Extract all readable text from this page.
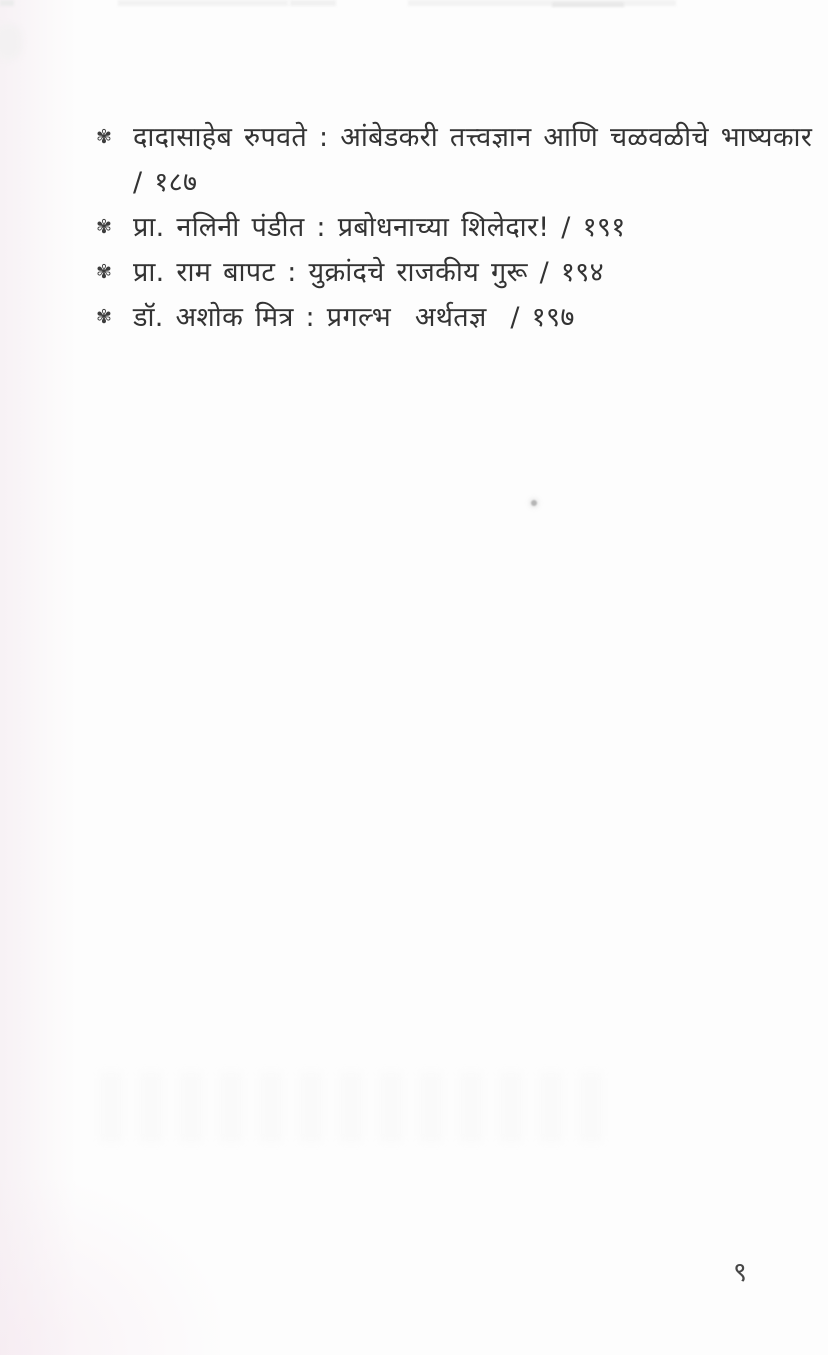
✾ दादासाहेब रुपवते : आंबेडकरी तत्त्वज्ञान आणि चळवळीचे भाष्यकार
/ १८७
✾ प्रा. नलिनी पंडीत : प्रबोधनाच्या शिलेदार! / १९१
✾ प्रा. राम बापट : युक्रांदचे राजकीय गुरू / १९४
✾ डॉ. अशोक मित्र : प्रगल्भ  अर्थतज्ञ  / १९७
९
